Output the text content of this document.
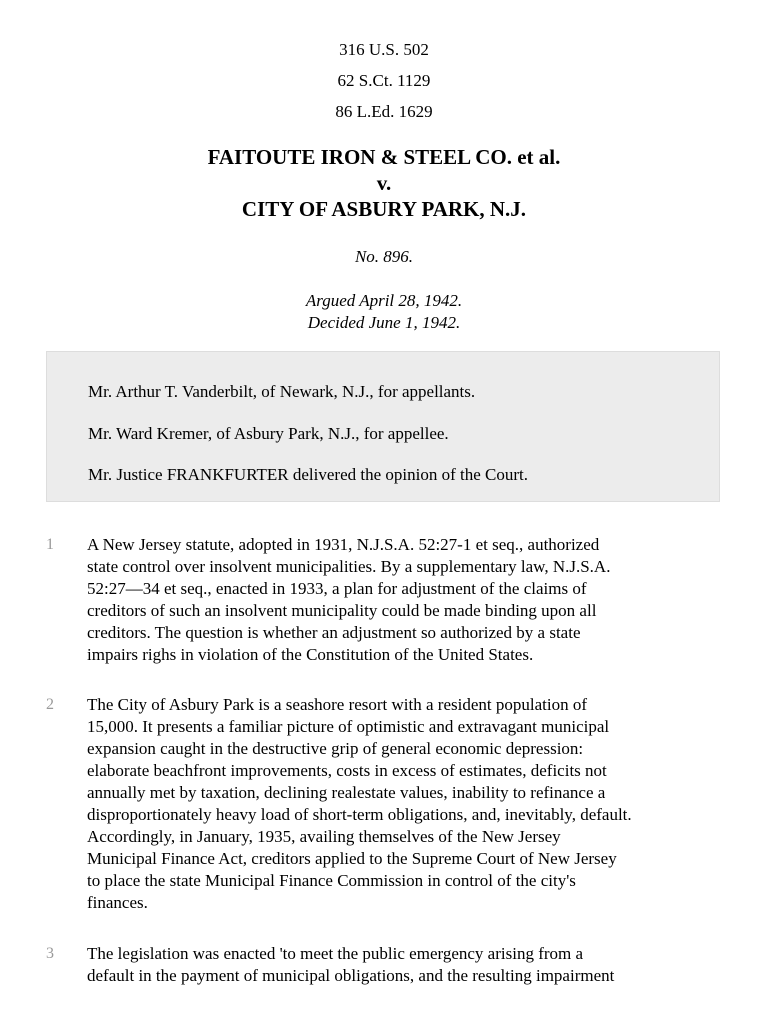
316 U.S. 502
62 S.Ct. 1129
86 L.Ed. 1629
FAITOUTE IRON & STEEL CO. et al.
v.
CITY OF ASBURY PARK, N.J.
No. 896.
Argued April 28, 1942.
Decided June 1, 1942.

Mr. Arthur T. Vanderbilt, of Newark, N.J., for appellants.

Mr. Ward Kremer, of Asbury Park, N.J., for appellee.

Mr. Justice FRANKFURTER delivered the opinion of the Court.

1 A New Jersey statute, adopted in 1931, N.J.S.A. 52:27-1 et seq., authorized
state control over insolvent municipalities. By a supplementary law, N.J.S.A.
52:27—34 et seq., enacted in 1933, a plan for adjustment of the claims of
creditors of such an insolvent municipality could be made binding upon all
creditors. The question is whether an adjustment so authorized by a state
impairs righs in violation of the Constitution of the United States.
2 The City of Asbury Park is a seashore resort with a resident population of
15,000. It presents a familiar picture of optimistic and extravagant municipal
expansion caught in the destructive grip of general economic depression:
elaborate beachfront improvements, costs in excess of estimates, deficits not
annually met by taxation, declining realestate values, inability to refinance a
disproportionately heavy load of short-term obligations, and, inevitably, default.
Accordingly, in January, 1935, availing themselves of the New Jersey
Municipal Finance Act, creditors applied to the Supreme Court of New Jersey
to place the state Municipal Finance Commission in control of the city's
finances.
3 The legislation was enacted 'to meet the public emergency arising from a
default in the payment of municipal obligations, and the resulting impairment
